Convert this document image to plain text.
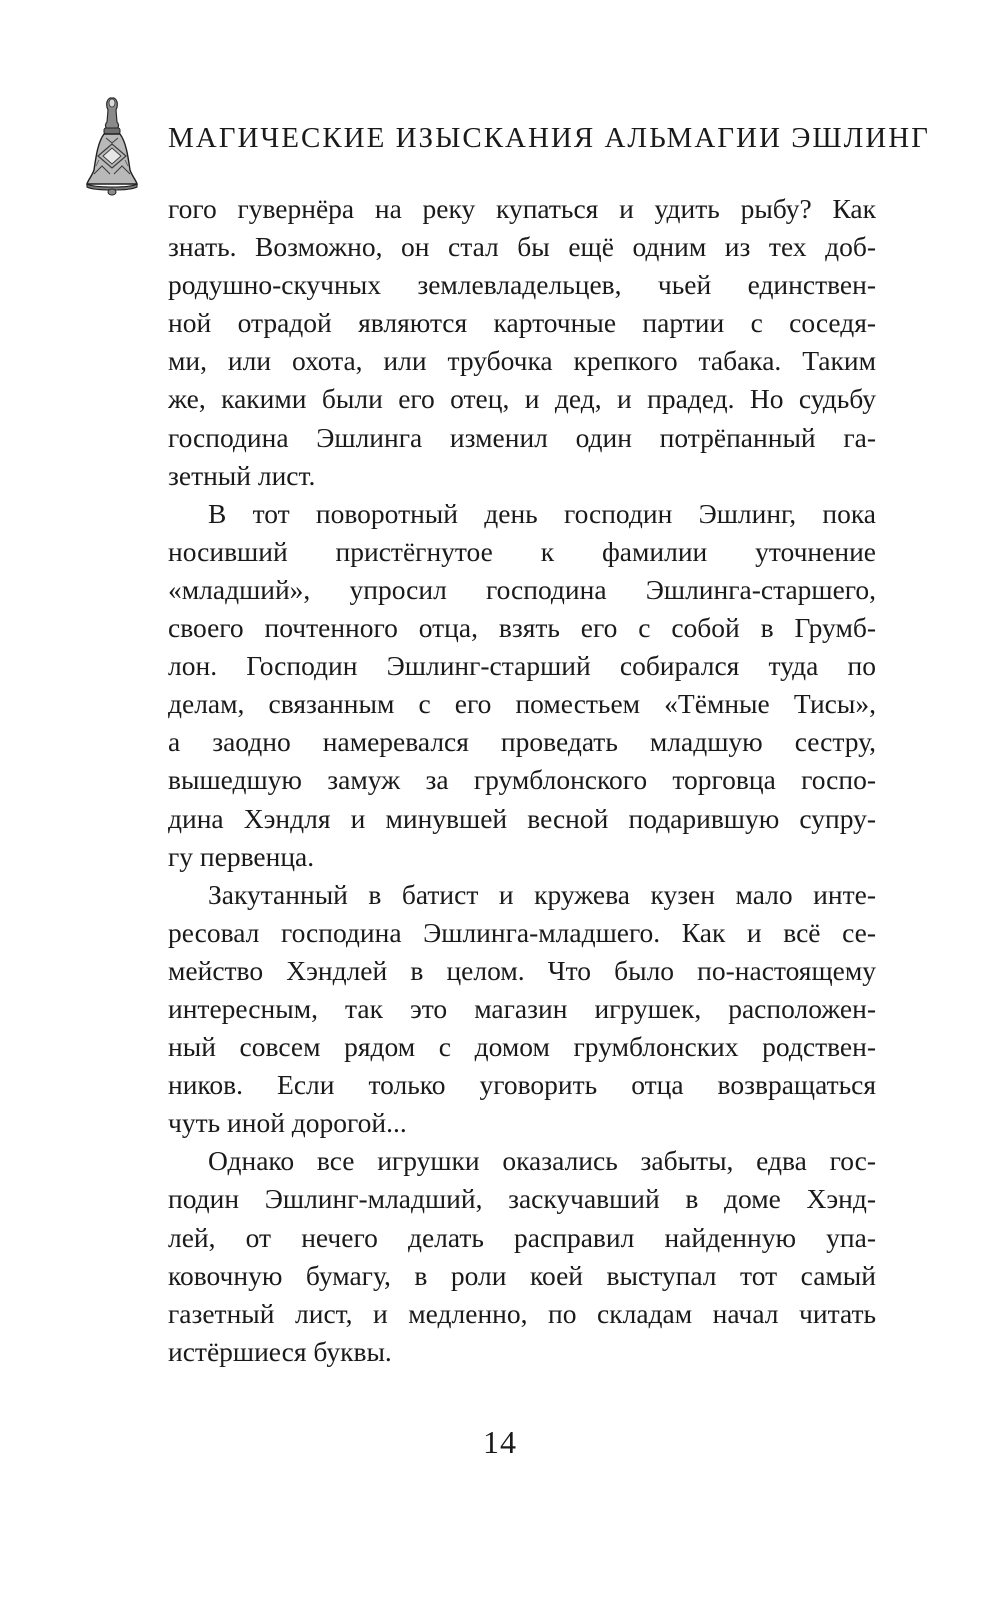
МАГИЧЕСКИЕ ИЗЫСКАНИЯ АЛЬМАГИИ ЭШЛИНГ
гого гувернёра на реку купаться и удить рыбу? Как
знать. Возможно, он стал бы ещё одним из тех доб-
родушно-скучных землевладельцев, чьей единствен-
ной отрадой являются карточные партии с соседя-
ми, или охота, или трубочка крепкого табака. Таким
же, какими были его отец, и дед, и прадед. Но судьбу
господина Эшлинга изменил один потрёпанный га-
зетный лист.
В тот поворотный день господин Эшлинг, пока
носивший пристёгнутое к фамилии уточнение
«младший», упросил господина Эшлинга-старшего,
своего почтенного отца, взять его с собой в Грумб-
лон. Господин Эшлинг-старший собирался туда по
делам, связанным с его поместьем «Тёмные Тисы»,
а заодно намеревался проведать младшую сестру,
вышедшую замуж за грумблонского торговца госпо-
дина Хэндля и минувшей весной подарившую супру-
гу первенца.
Закутанный в батист и кружева кузен мало инте-
ресовал господина Эшлинга-младшего. Как и всё се-
мейство Хэндлей в целом. Что было по-настоящему
интересным, так это магазин игрушек, расположен-
ный совсем рядом с домом грумблонских родствен-
ников. Если только уговорить отца возвращаться
чуть иной дорогой...
Однако все игрушки оказались забыты, едва гос-
подин Эшлинг-младший, заскучавший в доме Хэнд-
лей, от нечего делать расправил найденную упа-
ковочную бумагу, в роли коей выступал тот самый
газетный лист, и медленно, по складам начал читать
истёршиеся буквы.
14
